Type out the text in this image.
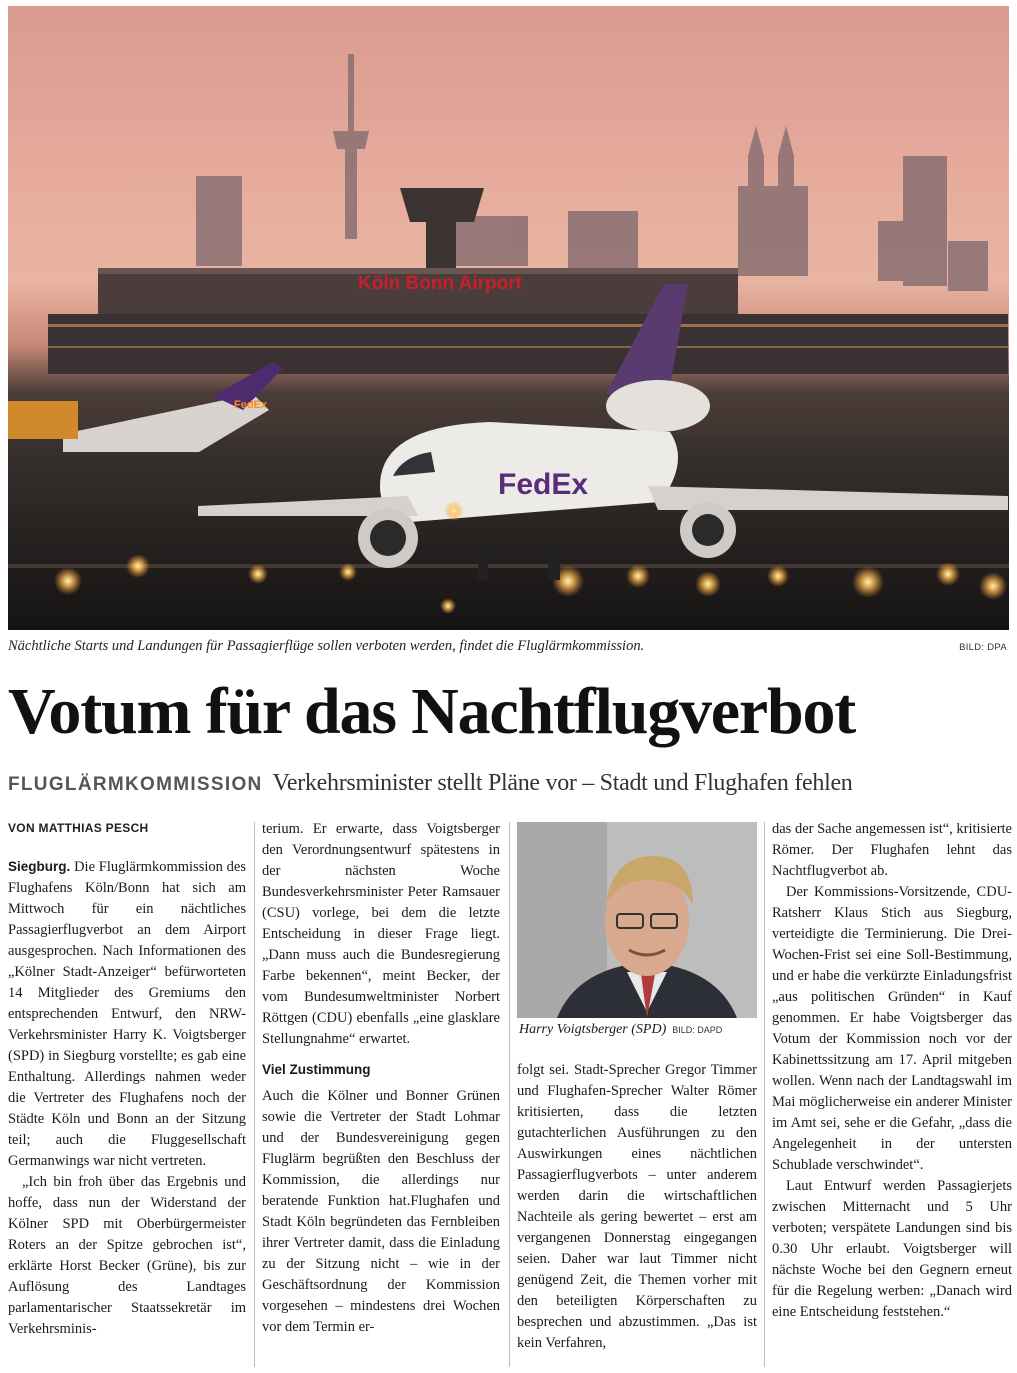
Köln Bonn Airport
FedEx
FedEx
Nächtliche Starts und Landungen für Passagierflüge sollen verboten werden, findet die Fluglärmkommission.	BILD: DPA
Votum für das Nachtflugverbot
FLUGLÄRMKOMMISSION Verkehrsminister stellt Pläne vor – Stadt und Flughafen fehlen
VON MATTHIAS PESCH

Siegburg. Die Fluglärmkommission des Flughafens Köln/Bonn hat sich am Mittwoch für ein nächtliches Passagierflugverbot an dem Airport ausgesprochen. Nach Informationen des „Kölner Stadt-Anzeiger“ befürworteten 14 Mitglieder des Gremiums den entsprechenden Entwurf, den NRW-Verkehrsminister Harry K. Voigtsberger (SPD) in Siegburg vorstellte; es gab eine Enthaltung. Allerdings nahmen weder die Vertreter des Flughafens noch der Städte Köln und Bonn an der Sitzung teil; auch die Fluggesellschaft Germanwings war nicht vertreten.

„Ich bin froh über das Ergebnis und hoffe, dass nun der Widerstand der Kölner SPD mit Oberbürgermeister Roters an der Spitze gebrochen ist“, erklärte Horst Becker (Grüne), bis zur Auflösung des Landtages parlamentarischer Staatssekretär im Verkehrsminis-

terium. Er erwarte, dass Voigtsberger den Verordnungsentwurf spätestens in der nächsten Woche Bundesverkehrsminister Peter Ramsauer (CSU) vorlege, bei dem die letzte Entscheidung in dieser Frage liegt. „Dann muss auch die Bundesregierung Farbe bekennen“, meint Becker, der vom Bundesumweltminister Norbert Röttgen (CDU) ebenfalls „eine glasklare Stellungnahme“ erwartet.

Viel Zustimmung

Auch die Kölner und Bonner Grünen sowie die Vertreter der Stadt Lohmar und der Bundesvereinigung gegen Fluglärm begrüßten den Beschluss der Kommission, die allerdings nur beratende Funktion hat.Flughafen und Stadt Köln begründeten das Fernbleiben ihrer Vertreter damit, dass die Einladung zu der Sitzung nicht – wie in der Geschäftsordnung der Kommission vorgesehen – mindestens drei Wochen vor dem Termin er-

Harry Voigtsberger (SPD) BILD: DAPD

folgt sei. Stadt-Sprecher Gregor Timmer und Flughafen-Sprecher Walter Römer kritisierten, dass die letzten gutachterlichen Ausführungen zu den Auswirkungen eines nächtlichen Passagierflugverbots – unter anderem werden darin die wirtschaftlichen Nachteile als gering bewertet – erst am vergangenen Donnerstag eingegangen seien. Daher war laut Timmer nicht genügend Zeit, die Themen vorher mit den beteiligten Körperschaften zu besprechen und abzustimmen. „Das ist kein Verfahren,

das der Sache angemessen ist“, kritisierte Römer. Der Flughafen lehnt das Nachtflugverbot ab.

Der Kommissions-Vorsitzende, CDU-Ratsherr Klaus Stich aus Siegburg, verteidigte die Terminierung. Die Drei-Wochen-Frist sei eine Soll-Bestimmung, und er habe die verkürzte Einladungsfrist „aus politischen Gründen“ in Kauf genommen. Er habe Voigtsberger das Votum der Kommission noch vor der Kabinettssitzung am 17. April mitgeben wollen. Wenn nach der Landtagswahl im Mai möglicherweise ein anderer Minister im Amt sei, sehe er die Gefahr, „dass die Angelegenheit in der untersten Schublade verschwindet“.

Laut Entwurf werden Passagierjets zwischen Mitternacht und 5 Uhr verboten; verspätete Landungen sind bis 0.30 Uhr erlaubt. Voigtsberger will nächste Woche bei den Gegnern erneut für die Regelung werben: „Danach wird eine Entscheidung feststehen.“
